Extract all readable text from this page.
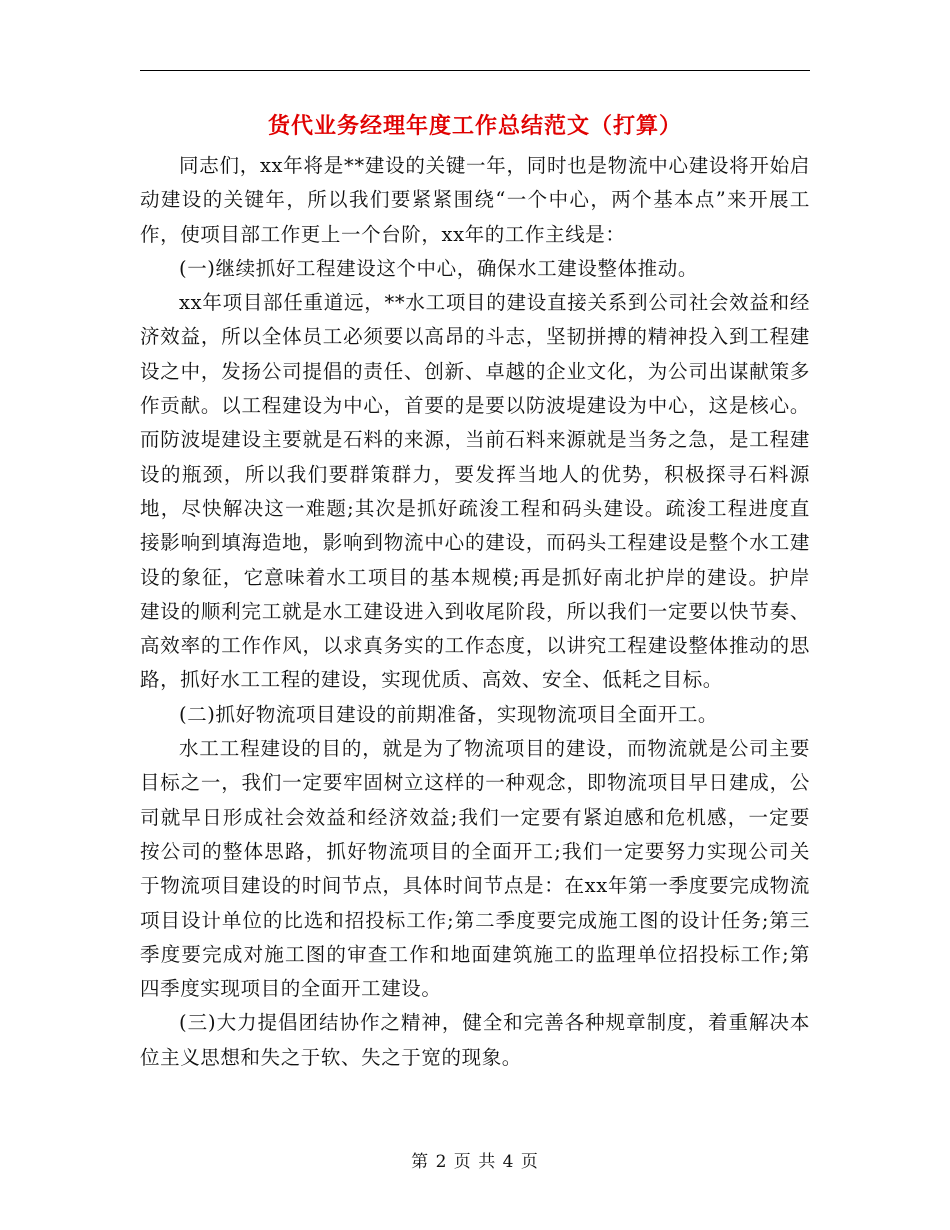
货代业务经理年度工作总结范文（打算）

同志们，xx年将是**建设的关键一年，同时也是物流中心建设将开始启动建设的关键年，所以我们要紧紧围绕“一个中心，两个基本点”来开展工作，使项目部工作更上一个台阶，xx年的工作主线是：

(一)继续抓好工程建设这个中心，确保水工建设整体推动。

xx年项目部任重道远，**水工项目的建设直接关系到公司社会效益和经济效益，所以全体员工必须要以高昂的斗志，坚韧拼搏的精神投入到工程建设之中，发扬公司提倡的责任、创新、卓越的企业文化，为公司出谋献策多作贡献。以工程建设为中心，首要的是要以防波堤建设为中心，这是核心。而防波堤建设主要就是石料的来源，当前石料来源就是当务之急，是工程建设的瓶颈，所以我们要群策群力，要发挥当地人的优势，积极探寻石料源地，尽快解决这一难题;其次是抓好疏浚工程和码头建设。疏浚工程进度直接影响到填海造地，影响到物流中心的建设，而码头工程建设是整个水工建设的象征，它意味着水工项目的基本规模;再是抓好南北护岸的建设。护岸建设的顺利完工就是水工建设进入到收尾阶段，所以我们一定要以快节奏、高效率的工作作风，以求真务实的工作态度，以讲究工程建设整体推动的思路，抓好水工工程的建设，实现优质、高效、安全、低耗之目标。

(二)抓好物流项目建设的前期准备，实现物流项目全面开工。

水工工程建设的目的，就是为了物流项目的建设，而物流就是公司主要目标之一，我们一定要牢固树立这样的一种观念，即物流项目早日建成，公司就早日形成社会效益和经济效益;我们一定要有紧迫感和危机感，一定要按公司的整体思路，抓好物流项目的全面开工;我们一定要努力实现公司关于物流项目建设的时间节点，具体时间节点是：在xx年第一季度要完成物流项目设计单位的比选和招投标工作;第二季度要完成施工图的设计任务;第三季度要完成对施工图的审查工作和地面建筑施工的监理单位招投标工作;第四季度实现项目的全面开工建设。

(三)大力提倡团结协作之精神，健全和完善各种规章制度，着重解决本位主义思想和失之于软、失之于宽的现象。

第 2 页 共 4 页
